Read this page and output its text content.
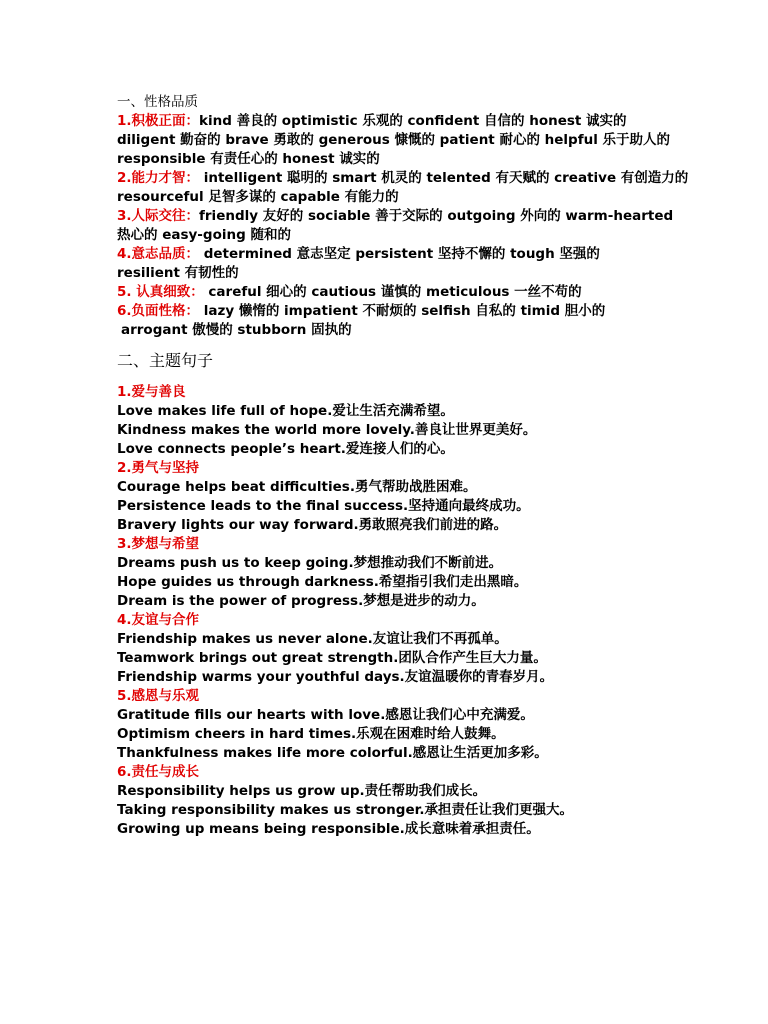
一、性格品质
1.积极正面：kind 善良的 optimistic 乐观的 confident 自信的 honest 诚实的
diligent 勤奋的 brave 勇敢的 generous 慷慨的 patient 耐心的 helpful 乐于助人的
responsible 有责任心的 honest 诚实的
2.能力才智： intelligent 聪明的 smart 机灵的 telented 有天赋的 creative 有创造力的
resourceful 足智多谋的 capable 有能力的
3.人际交往：friendly 友好的 sociable 善于交际的 outgoing 外向的 warm-hearted
热心的 easy-going 随和的
4.意志品质： determined 意志坚定 persistent 坚持不懈的 tough 坚强的
resilient 有韧性的
5. 认真细致： careful 细心的 cautious 谨慎的 meticulous 一丝不苟的
6.负面性格： lazy 懒惰的 impatient 不耐烦的 selfish 自私的 timid 胆小的
arrogant 傲慢的 stubborn 固执的
二、主题句子
1.爱与善良
Love makes life full of hope.爱让生活充满希望。
Kindness makes the world more lovely.善良让世界更美好。
Love connects people’s heart.爱连接人们的心。
2.勇气与坚持
Courage helps beat difficulties.勇气帮助战胜困难。
Persistence leads to the final success.坚持通向最终成功。
Bravery lights our way forward.勇敢照亮我们前进的路。
3.梦想与希望
Dreams push us to keep going.梦想推动我们不断前进。
Hope guides us through darkness.希望指引我们走出黑暗。
Dream is the power of progress.梦想是进步的动力。
4.友谊与合作
Friendship makes us never alone.友谊让我们不再孤单。
Teamwork brings out great strength.团队合作产生巨大力量。
Friendship warms your youthful days.友谊温暖你的青春岁月。
5.感恩与乐观
Gratitude fills our hearts with love.感恩让我们心中充满爱。
Optimism cheers in hard times.乐观在困难时给人鼓舞。
Thankfulness makes life more colorful.感恩让生活更加多彩。
6.责任与成长
Responsibility helps us grow up.责任帮助我们成长。
Taking responsibility makes us stronger.承担责任让我们更强大。
Growing up means being responsible.成长意味着承担责任。
